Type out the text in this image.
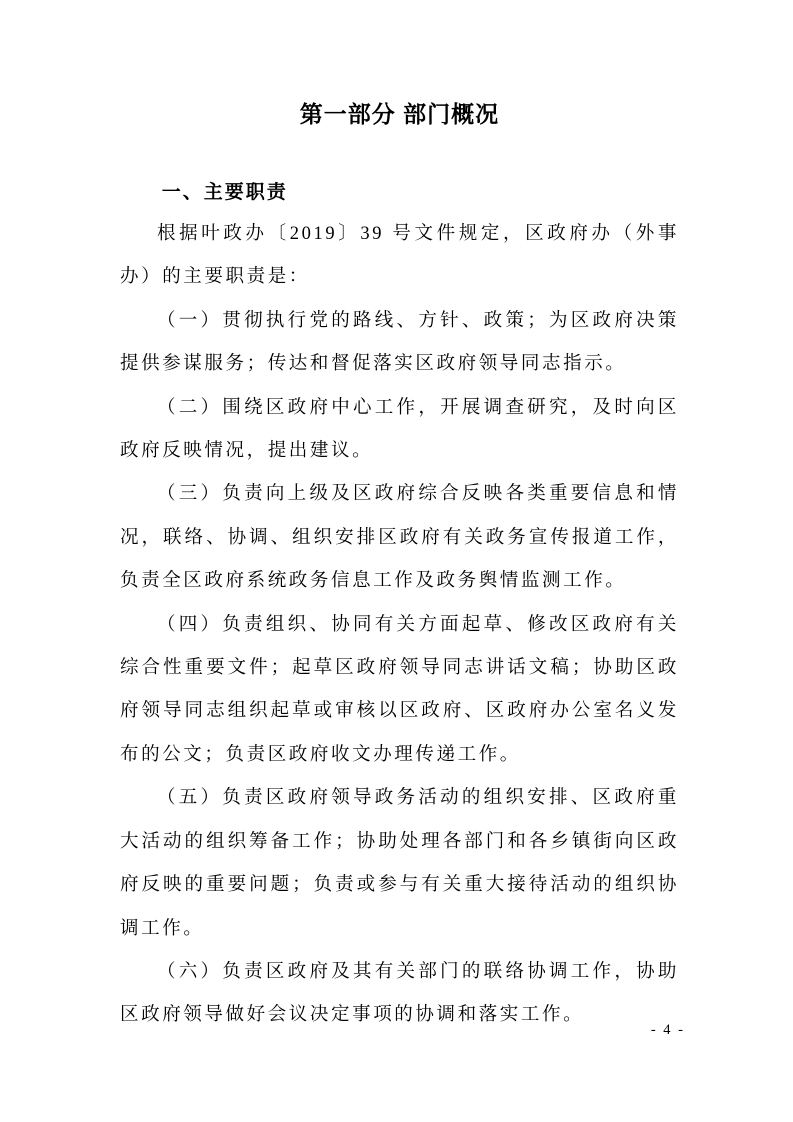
第一部分 部门概况
一、主要职责

根据叶政办〔2019〕39 号文件规定，区政府办（外事办）的主要职责是：

（一）贯彻执行党的路线、方针、政策；为区政府决策提供参谋服务；传达和督促落实区政府领导同志指示。

（二）围绕区政府中心工作，开展调查研究，及时向区政府反映情况，提出建议。

（三）负责向上级及区政府综合反映各类重要信息和情况，联络、协调、组织安排区政府有关政务宣传报道工作，负责全区政府系统政务信息工作及政务舆情监测工作。

（四）负责组织、协同有关方面起草、修改区政府有关综合性重要文件；起草区政府领导同志讲话文稿；协助区政府领导同志组织起草或审核以区政府、区政府办公室名义发布的公文；负责区政府收文办理传递工作。

（五）负责区政府领导政务活动的组织安排、区政府重大活动的组织筹备工作；协助处理各部门和各乡镇街向区政府反映的重要问题；负责或参与有关重大接待活动的组织协调工作。

（六）负责区政府及其有关部门的联络协调工作，协助区政府领导做好会议决定事项的协调和落实工作。

- 4 -
